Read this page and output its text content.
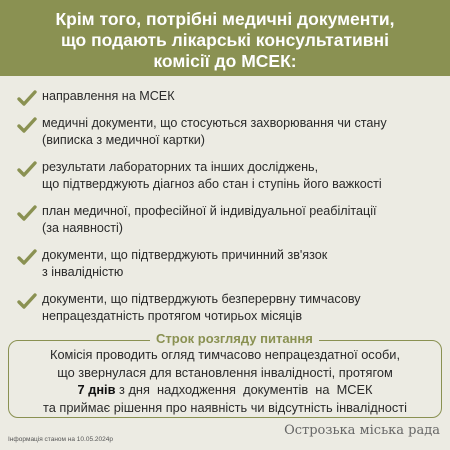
Крім того, потрібні медичні документи,
що подають лікарські консультативні
комісії до МСЕК:
направлення на МСЕК
медичні документи, що стосуються захворювання чи стану
(виписка з медичної картки)
результати лабораторних та інших досліджень,
що підтверджують діагноз або стан і ступінь його важкості
план медичної, професійної й індивідуальної реабілітації
(за наявності)
документи, що підтверджують причинний зв'язок
з інвалідністю
документи, що підтверджують безперервну тимчасову
непрацездатність протягом чотирьох місяців
Строк розгляду питання
Комісія проводить огляд тимчасово непрацездатної особи,
що звернулася для встановлення інвалідності, протягом
7 днів з дня  надходження  документів  на  МСЕК
та приймає рішення про наявність чи відсутність інвалідності
Інформація станом на 10.05.2024р
Острозька міська рада
